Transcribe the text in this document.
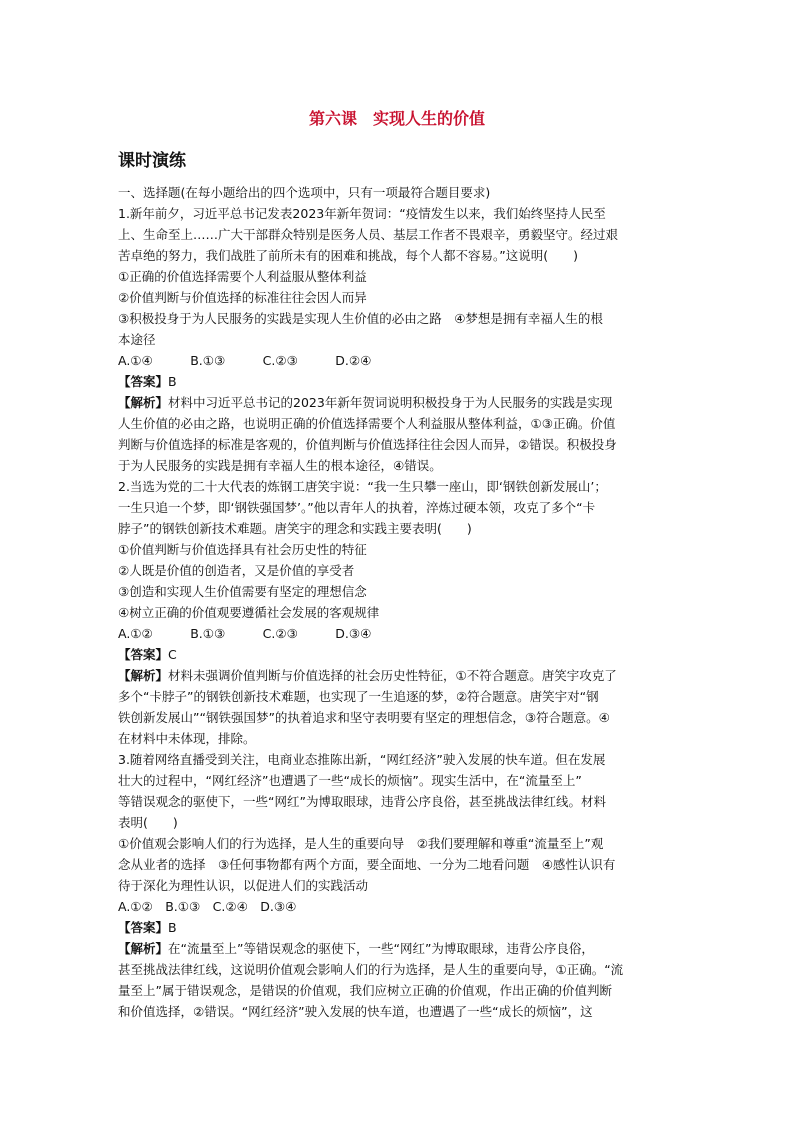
第六课　实现人生的价值
课时演练
一、选择题(在每小题给出的四个选项中，只有一项最符合题目要求)
1.新年前夕，习近平总书记发表2023年新年贺词：“疫情发生以来，我们始终坚持人民至
上、生命至上……广大干部群众特别是医务人员、基层工作者不畏艰辛，勇毅坚守。经过艰
苦卓绝的努力，我们战胜了前所未有的困难和挑战，每个人都不容易。”这说明(　　)
①正确的价值选择需要个人利益服从整体利益
②价值判断与价值选择的标准往往会因人而异
③积极投身于为人民服务的实践是实现人生价值的必由之路　④梦想是拥有幸福人生的根
本途径
A.①④　　　B.①③　　　C.②③　　　D.②④
【答案】B
【解析】材料中习近平总书记的2023年新年贺词说明积极投身于为人民服务的实践是实现
人生价值的必由之路，也说明正确的价值选择需要个人利益服从整体利益，①③正确。价值
判断与价值选择的标准是客观的，价值判断与价值选择往往会因人而异，②错误。积极投身
于为人民服务的实践是拥有幸福人生的根本途径，④错误。
2.当选为党的二十大代表的炼钢工唐笑宇说：“我一生只攀一座山，即‘钢铁创新发展山’；
一生只追一个梦，即‘钢铁强国梦’。”他以青年人的执着，淬炼过硬本领，攻克了多个“卡
脖子”的钢铁创新技术难题。唐笑宇的理念和实践主要表明(　　)
①价值判断与价值选择具有社会历史性的特征
②人既是价值的创造者，又是价值的享受者
③创造和实现人生价值需要有坚定的理想信念
④树立正确的价值观要遵循社会发展的客观规律
A.①②　　　B.①③　　　C.②③　　　D.③④
【答案】C
【解析】材料未强调价值判断与价值选择的社会历史性特征，①不符合题意。唐笑宇攻克了
多个“卡脖子”的钢铁创新技术难题，也实现了一生追逐的梦，②符合题意。唐笑宇对“钢
铁创新发展山”“钢铁强国梦”的执着追求和坚守表明要有坚定的理想信念，③符合题意。④
在材料中未体现，排除。
3.随着网络直播受到关注，电商业态推陈出新，“网红经济”驶入发展的快车道。但在发展
壮大的过程中，“网红经济”也遭遇了一些“成长的烦恼”。现实生活中，在“流量至上”
等错误观念的驱使下，一些“网红”为博取眼球，违背公序良俗，甚至挑战法律红线。材料
表明(　　)
①价值观会影响人们的行为选择，是人生的重要向导　②我们要理解和尊重“流量至上”观
念从业者的选择　③任何事物都有两个方面，要全面地、一分为二地看问题　④感性认识有
待于深化为理性认识，以促进人们的实践活动
A.①②　B.①③　C.②④　D.③④
【答案】B
【解析】在“流量至上”等错误观念的驱使下，一些“网红”为博取眼球，违背公序良俗，
甚至挑战法律红线，这说明价值观会影响人们的行为选择，是人生的重要向导，①正确。“流
量至上”属于错误观念，是错误的价值观，我们应树立正确的价值观，作出正确的价值判断
和价值选择，②错误。“网红经济”驶入发展的快车道，也遭遇了一些“成长的烦恼”，这
